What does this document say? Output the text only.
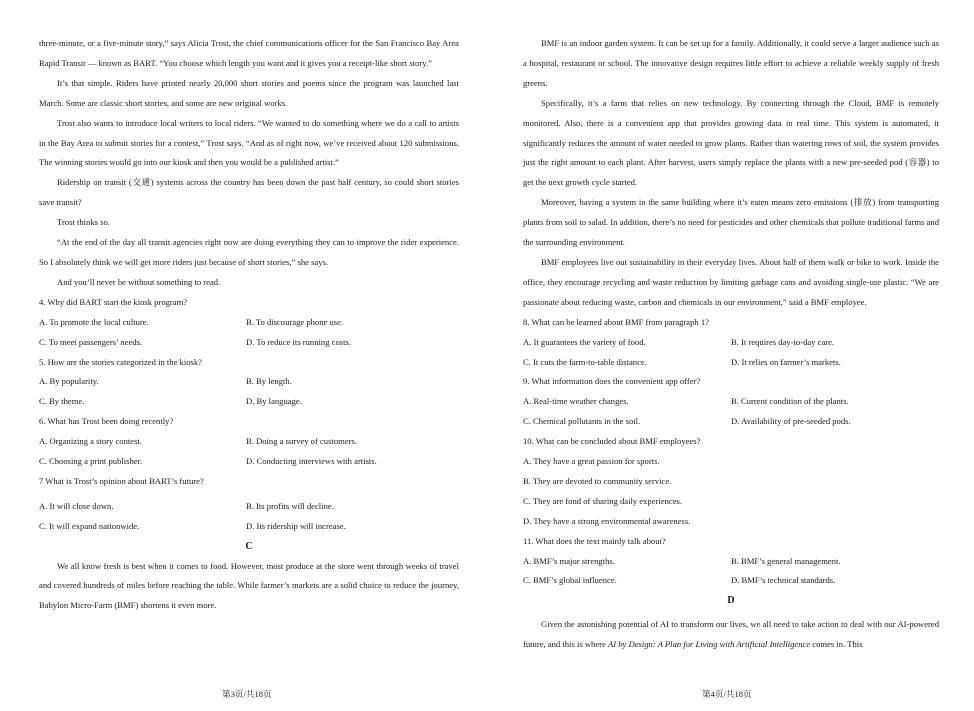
three-minute, or a five-minute story,” says Alicia Trost, the chief communications officer for the San Francisco Bay Area Rapid Transit — known as BART. “You choose which length you want and it gives you a receipt-like short story.”

It’s that simple. Riders have printed nearly 20,000 short stories and poems since the program was launched last March. Some are classic short stories, and some are new original works.

Trost also wants to introduce local writers to local riders. “We wanted to do something where we do a call to artists in the Bay Area to submit stories for a contest,” Trost says. “And as of right now, we’ve received about 120 submissions. The winning stories would go into our kiosk and then you would be a published artist.”

Ridership on transit (交通) systems across the country has been down the past half century, so could short stories save transit?

Trost thinks so.

“At the end of the day all transit agencies right now are doing everything they can to improve the rider experience. So I absolutely think we will get more riders just because of short stories,” she says.

And you’ll never be without something to read.

4. Why did BART start the kiosk program?

A. To promote the local culture.	B. To discourage phone use.
C. To meet passengers’ needs.	D. To reduce its running costs.

5. How are the stories categorized in the kiosk?

A. By popularity.	B. By length.
C. By theme.	D. By language.

6. What has Trost been doing recently?

A. Organizing a story contest.	B. Doing a survey of customers.
C. Choosing a print publisher.	D. Conducting interviews with artists.

7 What is Trost’s opinion about BART’s future?

A. It will close down.	B. Its profits will decline.
C. It will expand nationwide.	D. Its ridership will increase.

C

We all know fresh is best when it comes to food. However, most produce at the store went through weeks of travel and covered hundreds of miles before reaching the table. While farmer’s markets are a solid choice to reduce the journey, Babylon Micro-Farm (BMF) shortens it even more.

BMF is an indoor garden system. It can be set up for a family. Additionally, it could serve a larger audience such as a hospital, restaurant or school. The innovative design requires little effort to achieve a reliable weekly supply of fresh greens.

Specifically, it’s a farm that relies on new technology. By connecting through the Cloud, BMF is remotely monitored. Also, there is a convenient app that provides growing data in real time. This system is automated, it significantly reduces the amount of water needed to grow plants. Rather than watering rows of soil, the system provides just the right amount to each plant. After harvest, users simply replace the plants with a new pre-seeded pod (容器) to get the next growth cycle started.

Moreover, having a system in the same building where it’s eaten means zero emissions (排放) from transporting plants from soil to salad. In addition, there’s no need for pesticides and other chemicals that pollute traditional farms and the surrounding environment.

BMF employees live out sustainability in their everyday lives. About half of them walk or bike to work. Inside the office, they encourage recycling and waste reduction by limiting garbage cans and avoiding single-use plastic. “We are passionate about reducing waste, carbon and chemicals in our environment,” said a BMF employee.

8. What can be learned about BMF from paragraph 1?

A. It guarantees the variety of food.	B. It requires day-to-day care.
C. It cuts the farm-to-table distance.	D. It relies on farmer’s markets.

9. What information does the convenient app offer?

A. Real-time weather changes.	B. Current condition of the plants.
C. Chemical pollutants in the soil.	D. Availability of pre-seeded pods.

10. What can be concluded about BMF employees?

A. They have a great passion for sports.

B. They are devoted to community service.

C. They are fond of sharing daily experiences.

D. They have a strong environmental awareness.

11. What does the text mainly talk about?

A. BMF’s major strengths.	B. BMF’s general management.
C. BMF’s global influence.	D. BMF’s technical standards.

D

Given the astonishing potential of AI to transform our lives, we all need to take action to deal with our AI-powered future, and this is where AI by Design: A Plan for Living with Artificial Intelligence comes in. This

第3页/共18页	第4页/共18页
